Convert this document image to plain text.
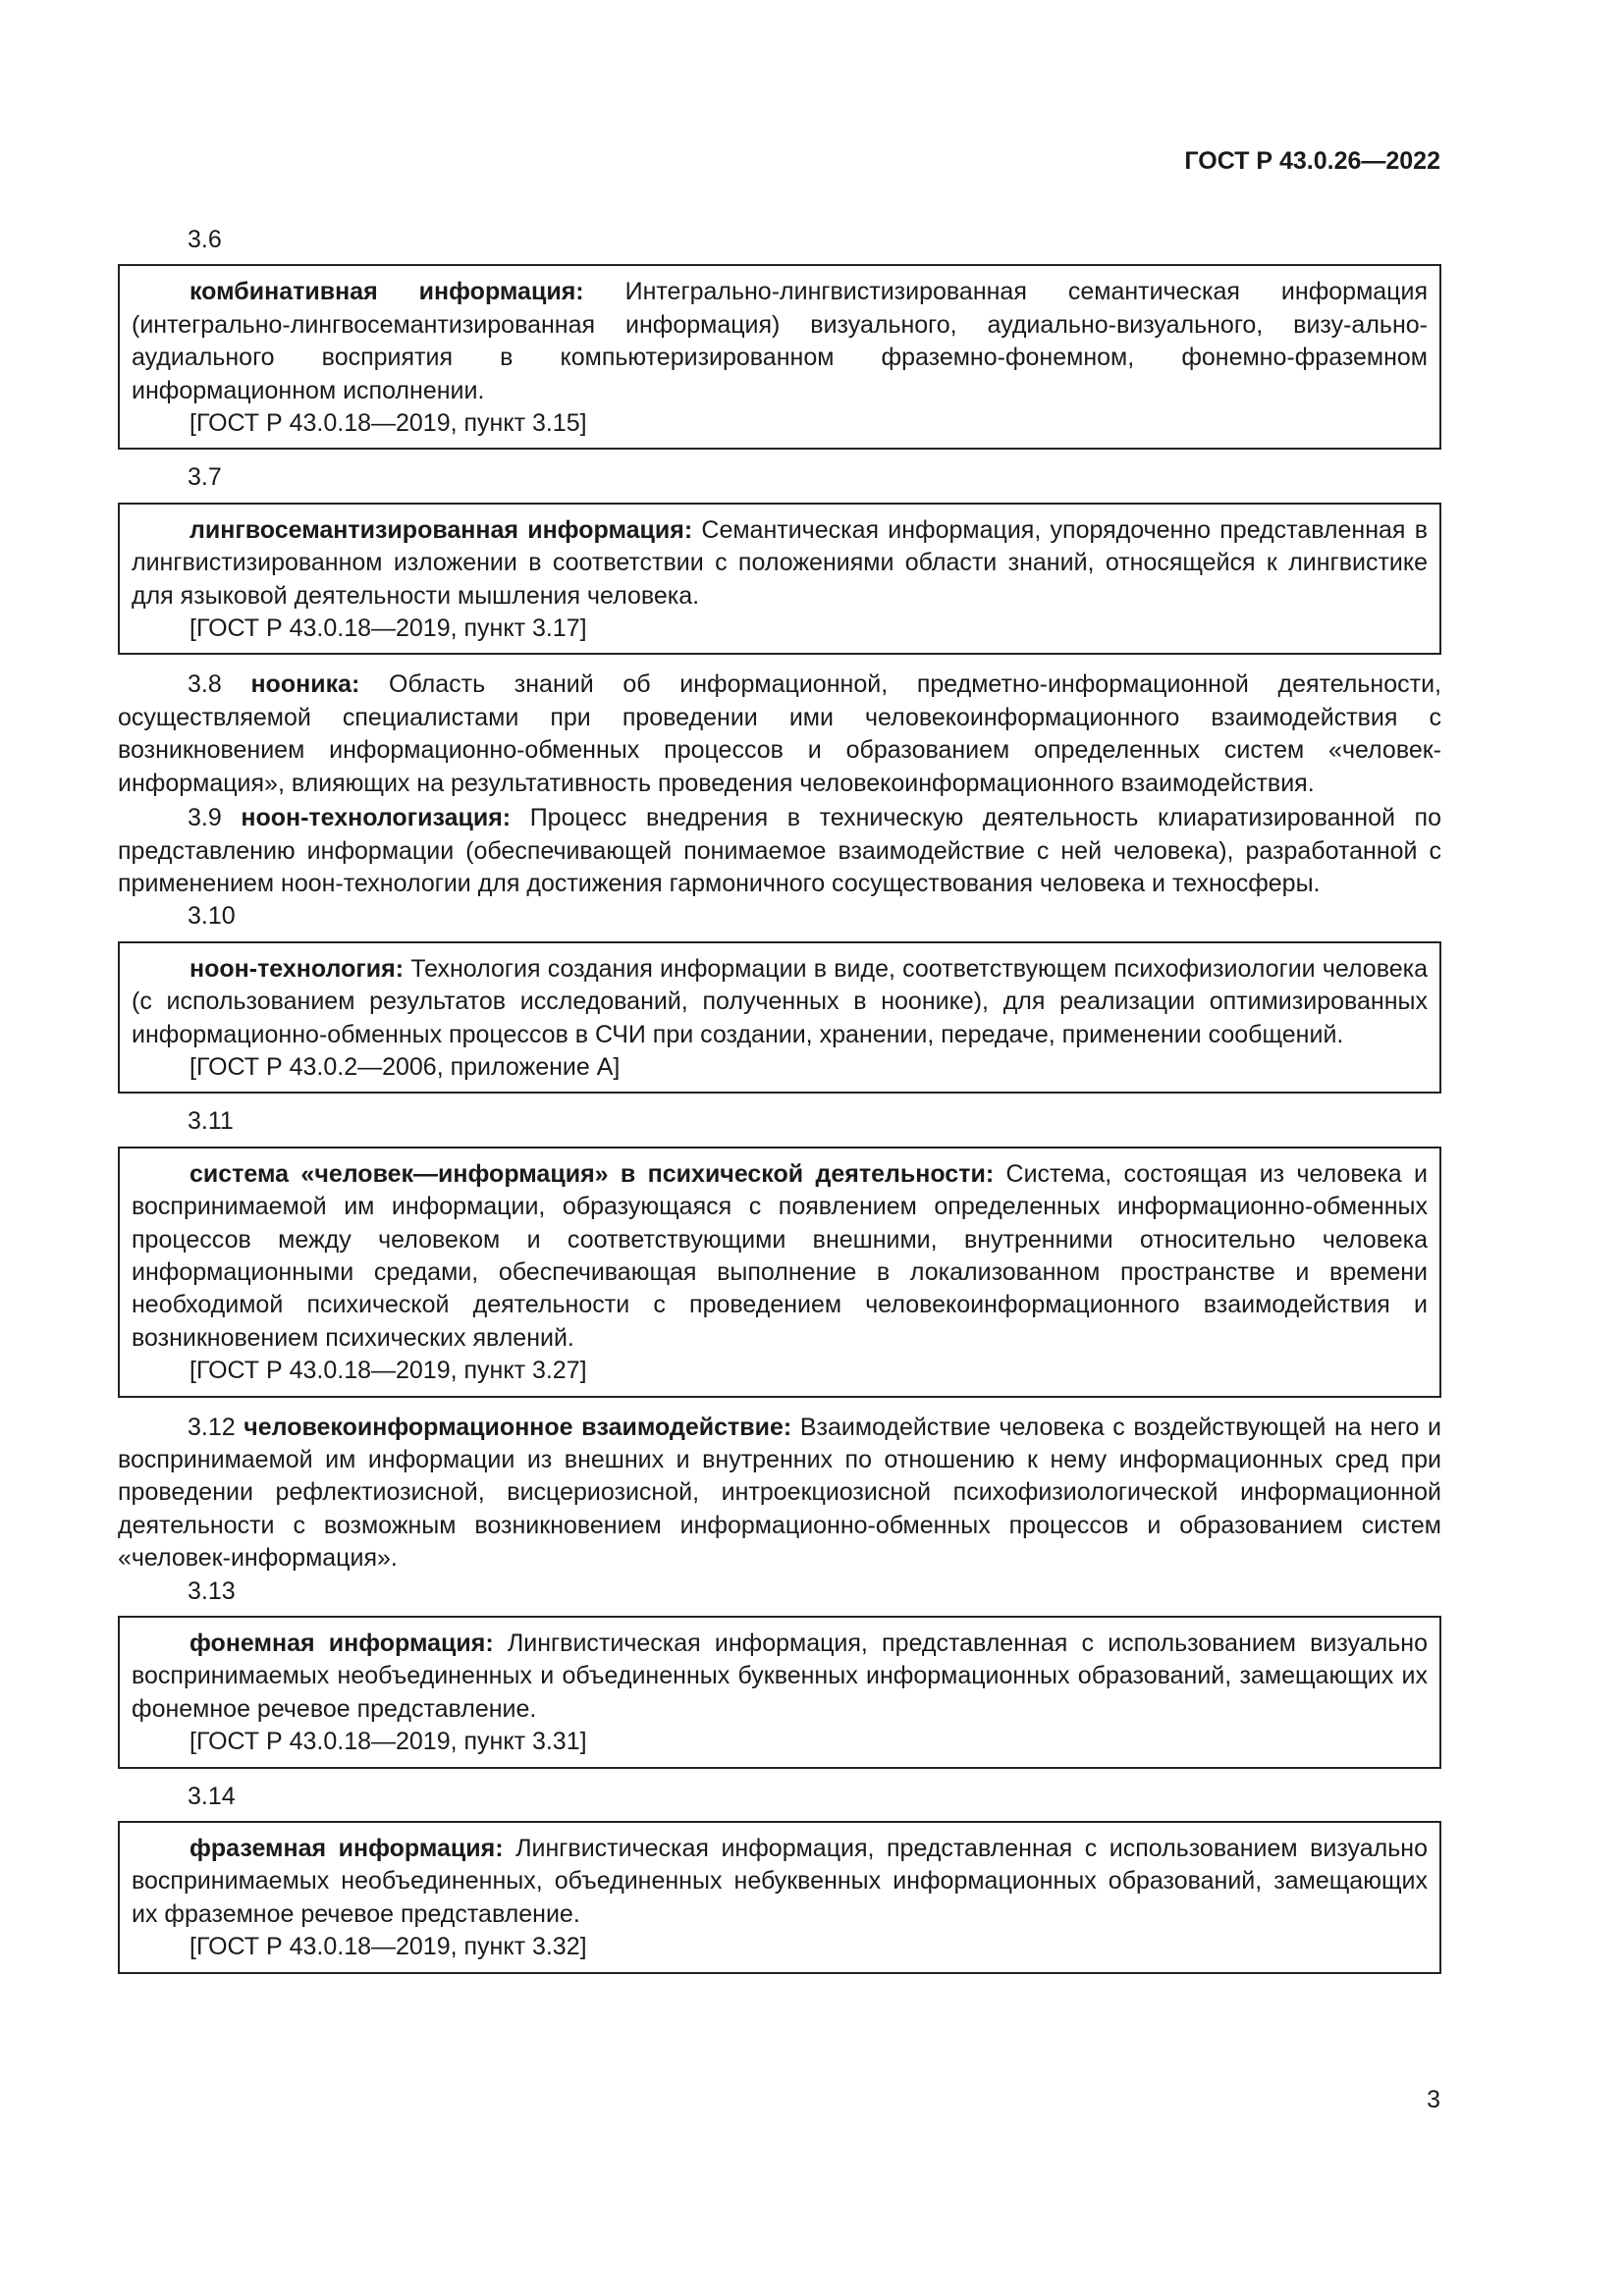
ГОСТ Р 43.0.26—2022

3.6

комбинативная информация: Интегрально-лингвистизированная семантическая информация (интегрально-лингвосемантизированная информация) визуального, аудиально-визуального, визу-ально-аудиального восприятия в компьютеризированном фраземно-фонемном, фонемно-фраземном информационном исполнении.

[ГОСТ Р 43.0.18—2019, пункт 3.15]

3.7

лингвосемантизированная информация: Семантическая информация, упорядоченно представленная в лингвистизированном изложении в соответствии с положениями области знаний, относящейся к лингвистике для языковой деятельности мышления человека.

[ГОСТ Р 43.0.18—2019, пункт 3.17]

3.8 нооника: Область знаний об информационной, предметно-информационной деятельности, осуществляемой специалистами при проведении ими человекоинформационного взаимодействия с возникновением информационно-обменных процессов и образованием определенных систем «человек-информация», влияющих на результативность проведения человекоинформационного взаимодействия.

3.9 ноон-технологизация: Процесс внедрения в техническую деятельность клиаратизированной по представлению информации (обеспечивающей понимаемое взаимодействие с ней человека), разработанной с применением ноон-технологии для достижения гармоничного сосуществования человека и техносферы.

3.10

ноон-технология: Технология создания информации в виде, соответствующем психофизиологии человека (с использованием результатов исследований, полученных в ноонике), для реализации оптимизированных информационно-обменных процессов в СЧИ при создании, хранении, передаче, применении сообщений.

[ГОСТ Р 43.0.2—2006, приложение А]

3.11

система «человек—информация» в психической деятельности: Система, состоящая из человека и воспринимаемой им информации, образующаяся с появлением определенных информационно-обменных процессов между человеком и соответствующими внешними, внутренними относительно человека информационными средами, обеспечивающая выполнение в локализованном пространстве и времени необходимой психической деятельности с проведением человекоинформационного взаимодействия и возникновением психических явлений.

[ГОСТ Р 43.0.18—2019, пункт 3.27]

3.12 человекоинформационное взаимодействие: Взаимодействие человека с воздействующей на него и воспринимаемой им информации из внешних и внутренних по отношению к нему информационных сред при проведении рефлектиозисной, висцериозисной, интроекциозисной психофизиологической информационной деятельности с возможным возникновением информационно-обменных процессов и образованием систем «человек-информация».

3.13

фонемная информация: Лингвистическая информация, представленная с использованием визуально воспринимаемых необъединенных и объединенных буквенных информационных образований, замещающих их фонемное речевое представление.

[ГОСТ Р 43.0.18—2019, пункт 3.31]

3.14

фраземная информация: Лингвистическая информация, представленная с использованием визуально воспринимаемых необъединенных, объединенных небуквенных информационных образований, замещающих их фраземное речевое представление.

[ГОСТ Р 43.0.18—2019, пункт 3.32]

3
